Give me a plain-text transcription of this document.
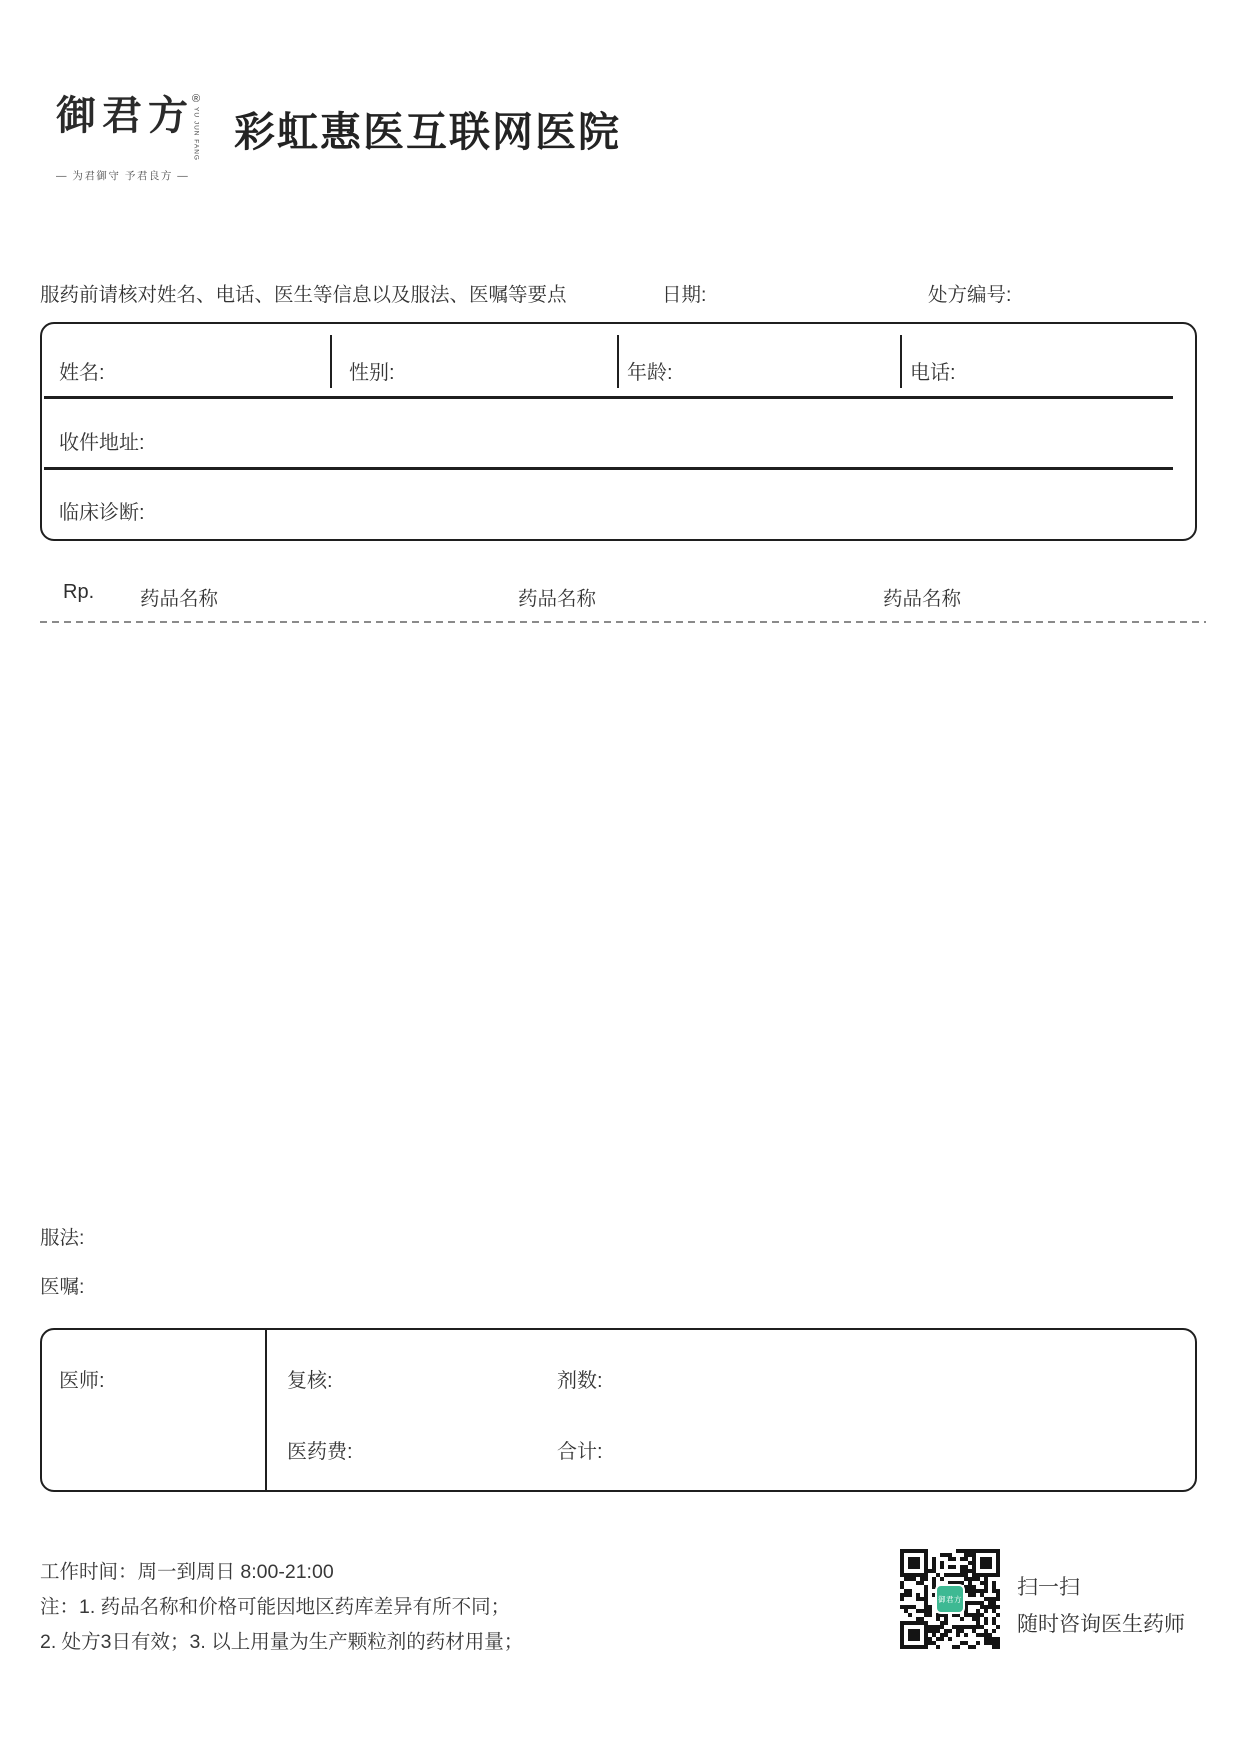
御君方
®
YU JUN FANG
— 为君御守 予君良方 —
彩虹惠医互联网医院
服药前请核对姓名、电话、医生等信息以及服法、医嘱等要点	日期:	处方编号:
姓名:	性别:	年龄:	电话:
收件地址:
临床诊断:
Rp. 药品名称	药品名称	药品名称
服法:
医嘱:
医师:	复核:	剂数:
医药费:	合计:
工作时间：周一到周日 8:00-21:00
注：1. 药品名称和价格可能因地区药库差异有所不同；
2. 处方3日有效；3. 以上用量为生产颗粒剂的药材用量；
御君方	扫一扫
随时咨询医生药师
